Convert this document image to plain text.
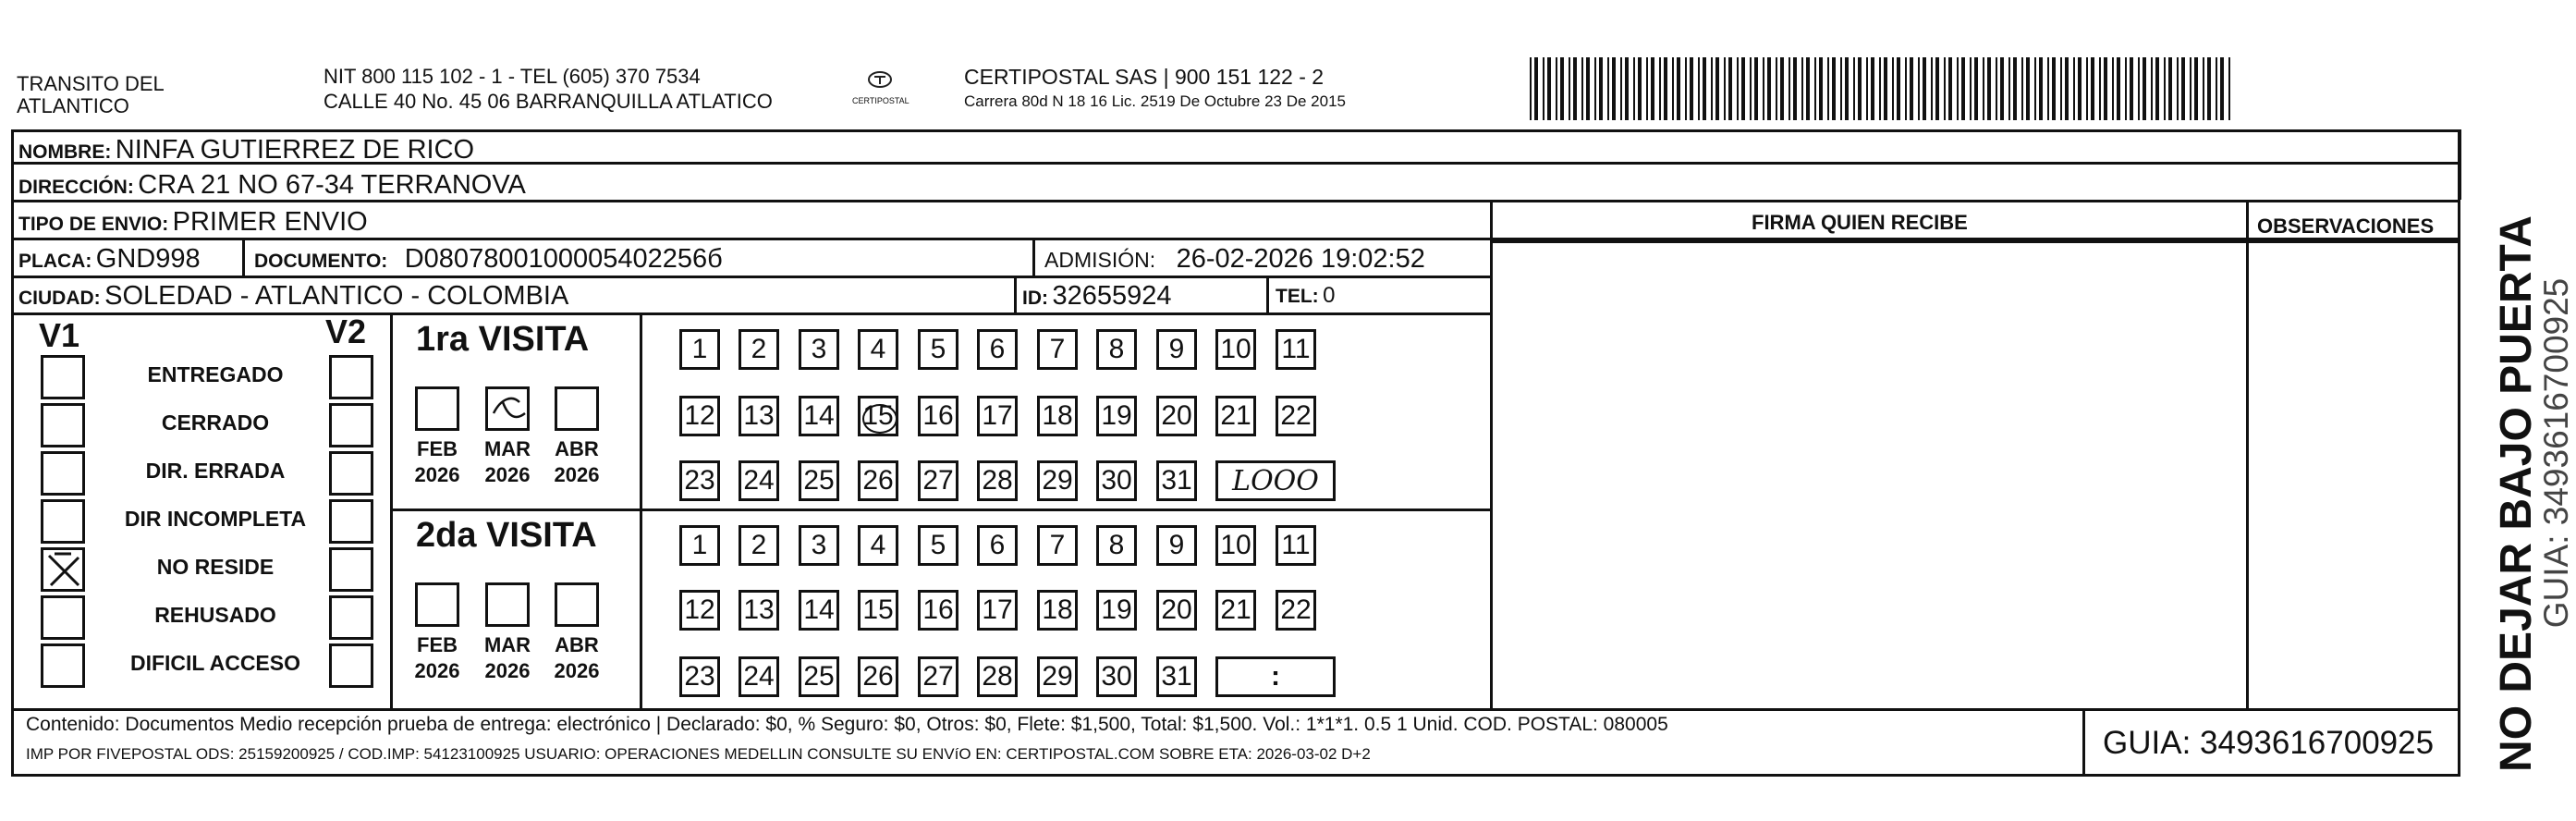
TRANSITO DEL
ATLANTICO
NIT 800 115 102 - 1 - TEL (605) 370 7534
CALLE 40 No. 45 06 BARRANQUILLA ATLATICO	CERTIPOSTAL
CERTIPOSTAL SAS | 900 151 122 - 2
Carrera 80d N 18 16 Lic. 2519 De Octubre 23 De 2015
NOMBRE: NINFA GUTIERREZ DE RICO
DIRECCIÓN: CRA 21 NO 67-34 TERRANOVA
TIPO DE ENVIO: PRIMER ENVIO
PLACA: GND998	DOCUMENTO: D0807800100005402256б	ADMISIÓN: 26-02-2026 19:02:52
CIUDAD: SOLEDAD - ATLANTICO - COLOMBIA	ID: 32655924	TEL: 0
FIRMA QUIEN RECIBE	OBSERVACIONES
V1	V2
ENTREGADO
CERRADO
DIR. ERRADA
DIR INCOMPLETA
NO RESIDE
REHUSADO
DIFICIL ACCESO
1ra VISITA
2da VISITA
FEB
2026
MAR
2026
ABR
2026
FEB
2026
MAR
2026
ABR
2026
1	2	3	4	5	6	7	8	9	10 11
12 13 14 15 16 17 18 19 20 21 22
23 24 25 26 27 28 29 30 31 LOOO
1	2	3	4	5	6	7	8	9	10 11
12 13 14 15 16 17 18 19 20 21 22
23 24 25 26 27 28 29 30 31	:
Contenido: Documentos Medio recepción prueba de entrega: electrónico | Declarado: $0, % Seguro: $0, Otros: $0, Flete: $1,500, Total: $1,500. Vol.: 1*1*1. 0.5 1 Unid. COD. POSTAL: 080005
IMP POR FIVEPOSTAL ODS: 25159200925 / COD.IMP: 54123100925 USUARIO: OPERACIONES MEDELLIN CONSULTE SU ENVíO EN: CERTIPOSTAL.COM SOBRE ETA: 2026-03-02 D+2	GUIA: 3493616700925 NO DEJAR BAJO PUERTA
GUIA: 3493616700925
